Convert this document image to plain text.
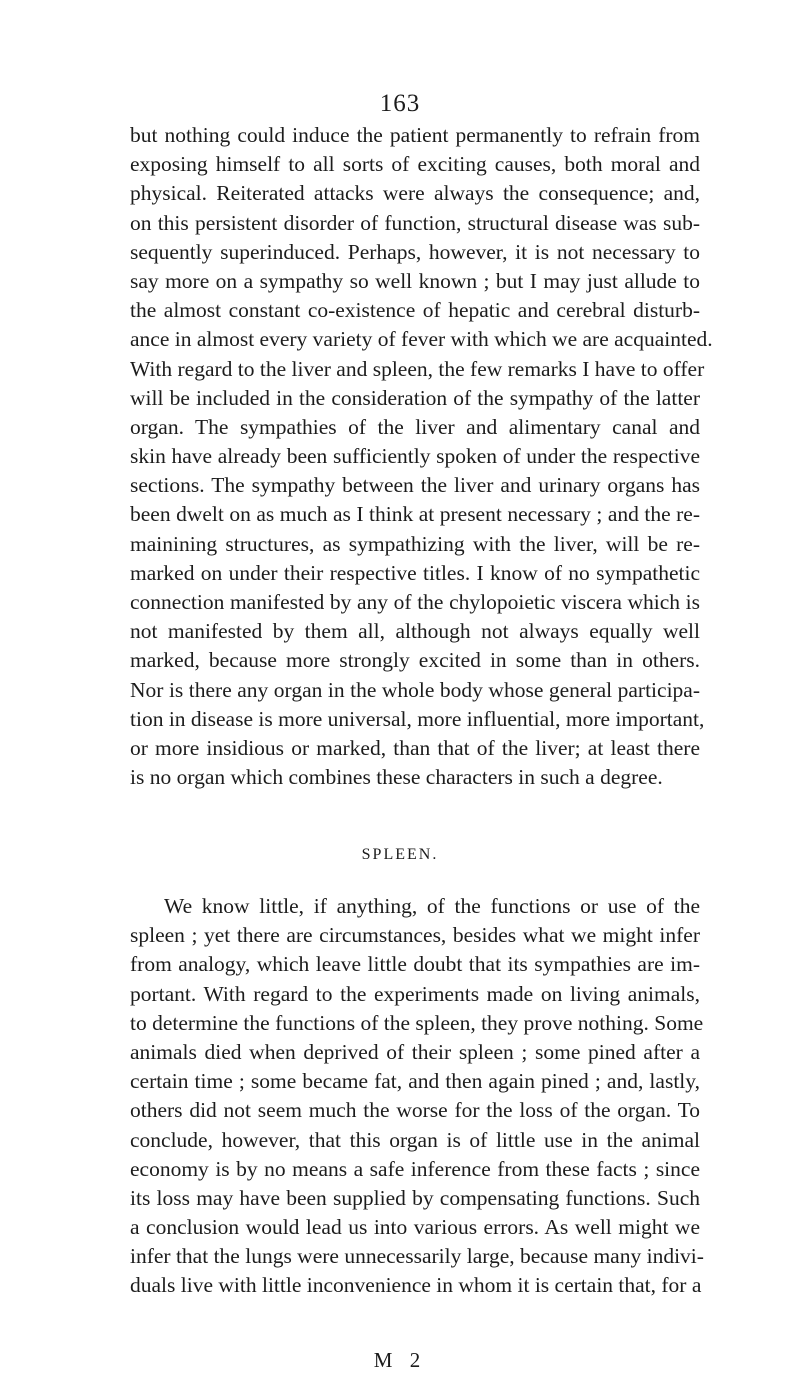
163
but nothing could induce the patient permanently to refrain from
exposing himself to all sorts of exciting causes, both moral and
physical. Reiterated attacks were always the consequence; and,
on this persistent disorder of function, structural disease was sub-
sequently superinduced. Perhaps, however, it is not necessary to
say more on a sympathy so well known ; but I may just allude to
the almost constant co-existence of hepatic and cerebral disturb-
ance in almost every variety of fever with which we are acquainted.
With regard to the liver and spleen, the few remarks I have to offer
will be included in the consideration of the sympathy of the latter
organ. The sympathies of the liver and alimentary canal and
skin have already been sufficiently spoken of under the respective
sections. The sympathy between the liver and urinary organs has
been dwelt on as much as I think at present necessary ; and the re-
mainining structures, as sympathizing with the liver, will be re-
marked on under their respective titles. I know of no sympathetic
connection manifested by any of the chylopoietic viscera which is
not manifested by them all, although not always equally well
marked, because more strongly excited in some than in others.
Nor is there any organ in the whole body whose general participa-
tion in disease is more universal, more influential, more important,
or more insidious or marked, than that of the liver; at least there
is no organ which combines these characters in such a degree.
SPLEEN.
We know little, if anything, of the functions or use of the
spleen ; yet there are circumstances, besides what we might infer
from analogy, which leave little doubt that its sympathies are im-
portant. With regard to the experiments made on living animals,
to determine the functions of the spleen, they prove nothing. Some
animals died when deprived of their spleen ; some pined after a
certain time ; some became fat, and then again pined ; and, lastly,
others did not seem much the worse for the loss of the organ. To
conclude, however, that this organ is of little use in the animal
economy is by no means a safe inference from these facts ; since
its loss may have been supplied by compensating functions. Such
a conclusion would lead us into various errors. As well might we
infer that the lungs were unnecessarily large, because many indivi-
duals live with little inconvenience in whom it is certain that, for a
M 2
